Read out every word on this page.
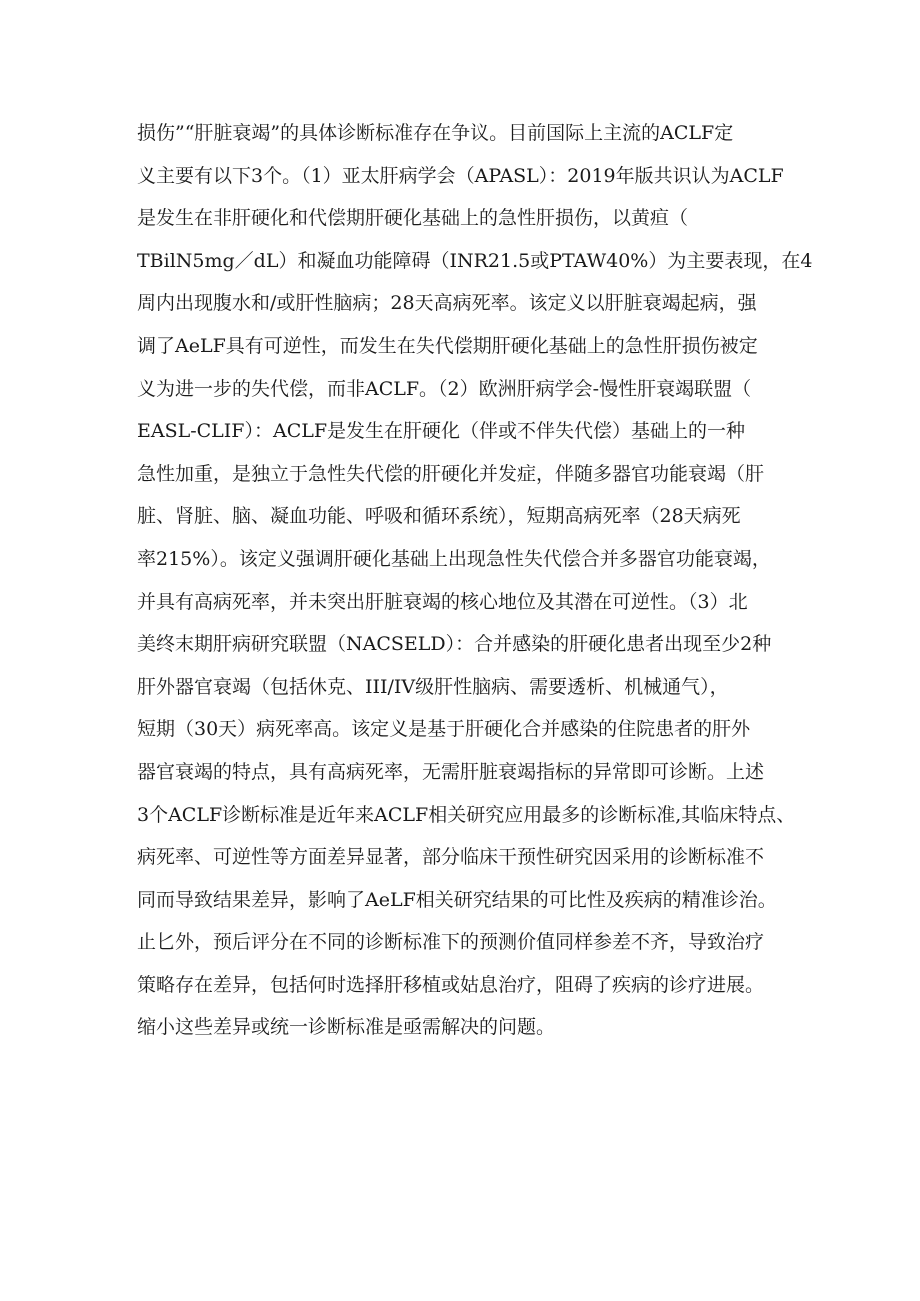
损伤”“肝脏衰竭”的具体诊断标准存在争议。目前国际上主流的ACLF定
义主要有以下3个。（1）亚太肝病学会（APASL）：2019年版共识认为ACLF
是发生在非肝硬化和代偿期肝硬化基础上的急性肝损伤，以黄疸（
TBilN5mg／dL）和凝血功能障碍（INR21.5或PTAW40%）为主要表现，在4
周内出现腹水和/或肝性脑病；28天高病死率。该定义以肝脏衰竭起病，强
调了AeLF具有可逆性，而发生在失代偿期肝硬化基础上的急性肝损伤被定
义为进一步的失代偿，而非ACLF。（2）欧洲肝病学会-慢性肝衰竭联盟（
EASL-CLIF）：ACLF是发生在肝硬化（伴或不伴失代偿）基础上的一种
急性加重，是独立于急性失代偿的肝硬化并发症，伴随多器官功能衰竭（肝
脏、肾脏、脑、凝血功能、呼吸和循环系统），短期高病死率（28天病死
率215%）。该定义强调肝硬化基础上出现急性失代偿合并多器官功能衰竭，
并具有高病死率，并未突出肝脏衰竭的核心地位及其潜在可逆性。（3）北
美终末期肝病研究联盟（NACSELD）：合并感染的肝硬化患者出现至少2种
肝外器官衰竭（包括休克、III/IV级肝性脑病、需要透析、机械通气），
短期（30天）病死率高。该定义是基于肝硬化合并感染的住院患者的肝外
器官衰竭的特点，具有高病死率，无需肝脏衰竭指标的异常即可诊断。上述
3个ACLF诊断标准是近年来ACLF相关研究应用最多的诊断标准,其临床特点、
病死率、可逆性等方面差异显著，部分临床干预性研究因采用的诊断标准不
同而导致结果差异，影响了AeLF相关研究结果的可比性及疾病的精准诊治。
止匕外，预后评分在不同的诊断标准下的预测价值同样参差不齐，导致治疗
策略存在差异，包括何时选择肝移植或姑息治疗，阻碍了疾病的诊疗进展。
缩小这些差异或统一诊断标准是亟需解决的问题。
